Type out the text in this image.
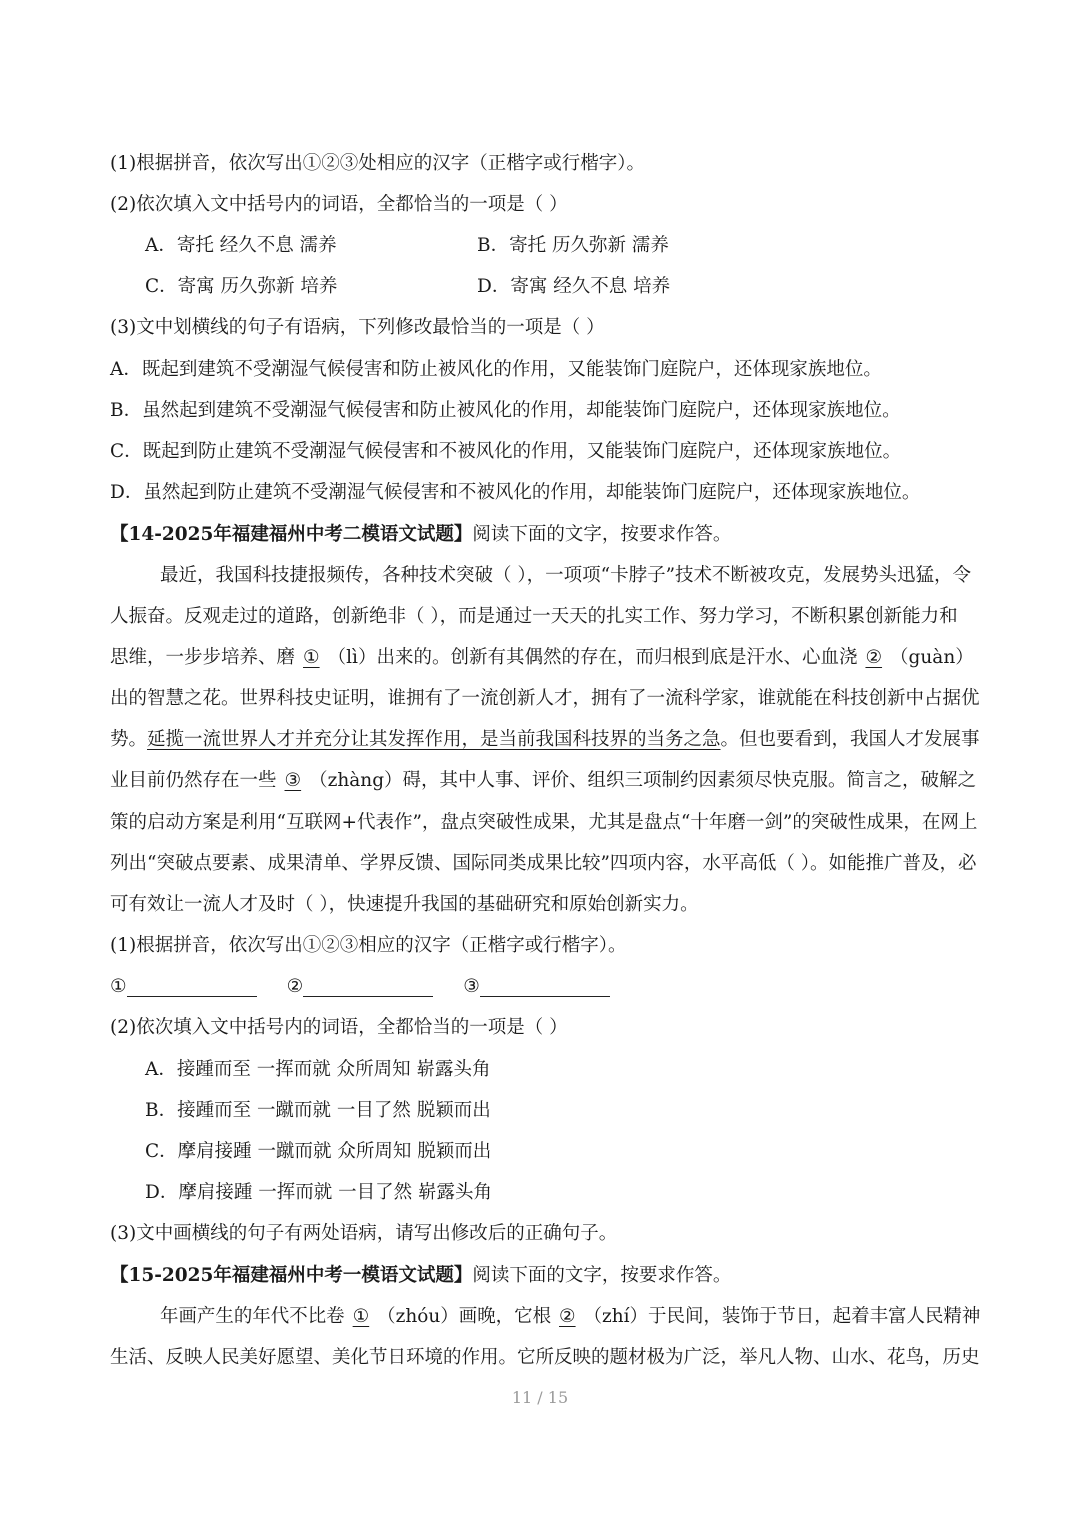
(1)根据拼音，依次写出①②③处相应的汉字（正楷字或行楷字）。
(2)依次填入文中括号内的词语，全都恰当的一项是（ ）
A．寄托 经久不息 濡养	B．寄托 历久弥新 濡养
C．寄寓 历久弥新 培养	D．寄寓 经久不息 培养
(3)文中划横线的句子有语病，下列修改最恰当的一项是（ ）
A．既起到建筑不受潮湿气候侵害和防止被风化的作用，又能装饰门庭院户，还体现家族地位。
B．虽然起到建筑不受潮湿气候侵害和防止被风化的作用，却能装饰门庭院户，还体现家族地位。
C．既起到防止建筑不受潮湿气候侵害和不被风化的作用，又能装饰门庭院户，还体现家族地位。
D．虽然起到防止建筑不受潮湿气候侵害和不被风化的作用，却能装饰门庭院户，还体现家族地位。
【14-2025年福建福州中考二模语文试题】阅读下面的文字，按要求作答。
最近，我国科技捷报频传，各种技术突破（ ），一项项“卡脖子”技术不断被攻克，发展势头迅猛，令
人振奋。反观走过的道路，创新绝非（ ），而是通过一天天的扎实工作、努力学习，不断积累创新能力和
思维，一步步培养、磨 ① （lì）出来的。创新有其偶然的存在，而归根到底是汗水、心血浇 ② （guàn）
出的智慧之花。世界科技史证明，谁拥有了一流创新人才，拥有了一流科学家，谁就能在科技创新中占据优
势。延揽一流世界人才并充分让其发挥作用，是当前我国科技界的当务之急。但也要看到，我国人才发展事
业目前仍然存在一些 ③ （zhàng）碍，其中人事、评价、组织三项制约因素须尽快克服。简言之，破解之
策的启动方案是利用“互联网+代表作”，盘点突破性成果，尤其是盘点“十年磨一剑”的突破性成果，在网上
列出“突破点要素、成果清单、学界反馈、国际同类成果比较”四项内容，水平高低（ ）。如能推广普及，必
可有效让一流人才及时（ ），快速提升我国的基础研究和原始创新实力。
(1)根据拼音，依次写出①②③相应的汉字（正楷字或行楷字）。
①	②	③
(2)依次填入文中括号内的词语，全都恰当的一项是（ ）
A．接踵而至 一挥而就 众所周知 崭露头角
B．接踵而至 一蹴而就 一目了然 脱颖而出
C．摩肩接踵 一蹴而就 众所周知 脱颖而出
D．摩肩接踵 一挥而就 一目了然 崭露头角
(3)文中画横线的句子有两处语病，请写出修改后的正确句子。
【15-2025年福建福州中考一模语文试题】阅读下面的文字，按要求作答。
年画产生的年代不比卷 ① （zhóu）画晚，它根 ② （zhí）于民间，装饰于节日，起着丰富人民精神
生活、反映人民美好愿望、美化节日环境的作用。它所反映的题材极为广泛，举凡人物、山水、花鸟，历史
11 / 15
